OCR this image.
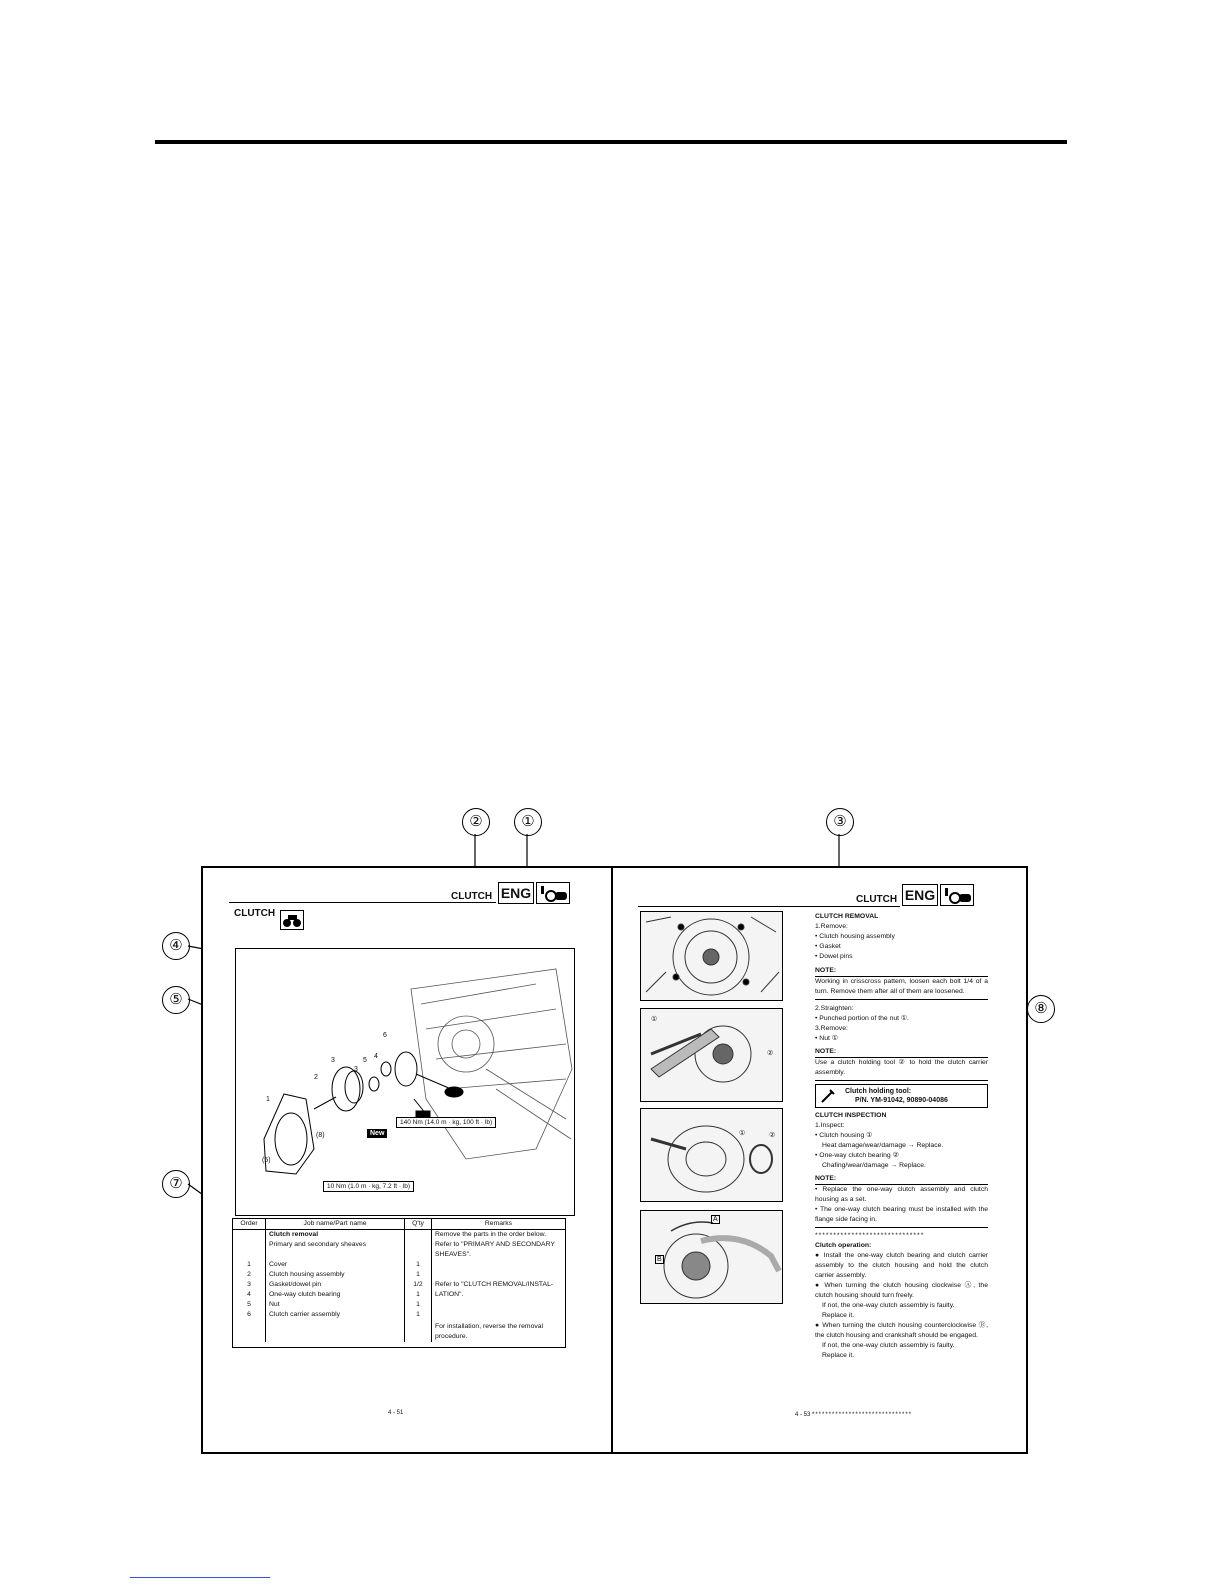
②	①	③
④
⑤
⑦
⑧
CLUTCH ENG
CLUTCH
1
2
3
3
4
5
6
(5)
(8)
140 Nm (14.0 m · kg, 100 ft · lb)
10 Nm (1.0 m · kg, 7.2 ft · lb)
New
Order	Job name/Part name	Q'ty	Remarks
	Clutch removal		Remove the parts in the order below.
	Primary and secondary sheaves		Refer to "PRIMARY AND SECONDARY SHEAVES".
1	Cover	1	
2	Clutch housing assembly	1	
3	Gasket/dowel pin	1/2	Refer to "CLUTCH REMOVAL/INSTAL-
4	One-way clutch bearing	1	LATION".
5	Nut	1	
6	Clutch carrier assembly	1	
			For installation, reverse the removal procedure.
4 - 51
CLUTCH ENG
①
②
①	②
A
B

CLUTCH REMOVAL

1.Remove:

• Clutch housing assembly

• Gasket

• Dowel pins

NOTE:

Working in crisscross pattern, loosen each bolt 1/4 of a turn. Remove them after all of them are loosened.

2.Straighten:

• Punched portion of the nut ①.

3.Remove:

• Nut ①

NOTE:

Use a clutch holding tool ② to hold the clutch carrier assembly.

Clutch holding tool:
P/N. YM-91042, 90890-04086

CLUTCH INSPECTION

1.Inspect:

• Clutch housing ①

Heat damage/wear/damage → Replace.

• One-way clutch bearing ②

Chafing/wear/damage → Replace.

NOTE:

• Replace the one-way clutch assembly and clutch housing as a set.

• The one-way clutch bearing must be installed with the flange side facing in.

******************************

Clutch operation:

● Install the one-way clutch bearing and clutch carrier assembly to the clutch housing and hold the clutch carrier assembly.

● When turning the clutch housing clockwise Ⓐ, the clutch housing should turn freely.

If not, the one-way clutch assembly is faulty.

Replace it.

● When turning the clutch housing counterclockwise Ⓑ, the clutch housing and crankshaft should be engaged.

If not, the one-way clutch assembly is faulty.

Replace it.

4 - 53 ******************************
